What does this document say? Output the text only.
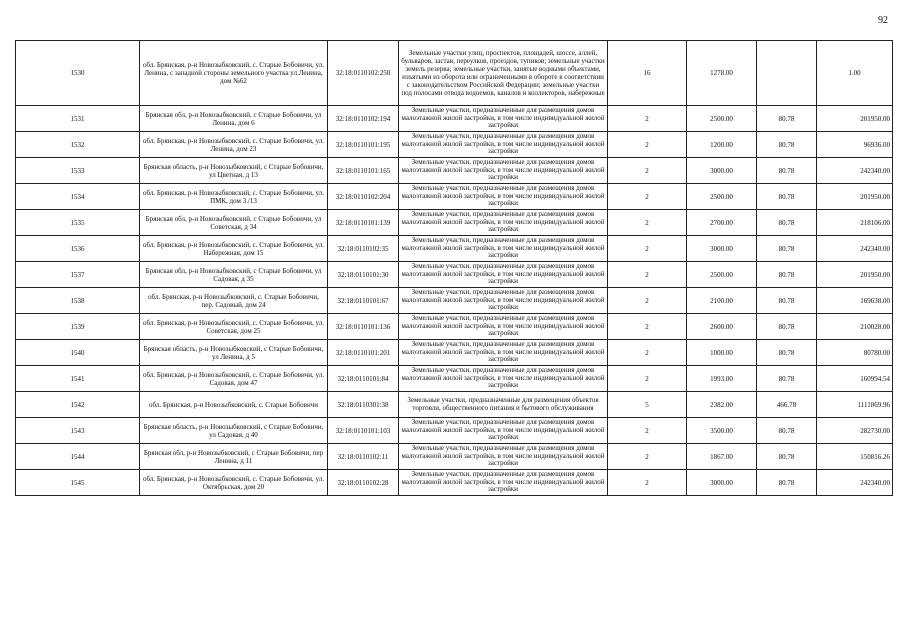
92
1530	обл. Брянская, р-н Новозыбковский, с. Старые Бобовичи, ул. Ленина, с западной стороны земельного участка ул.Ленина, дом №62	32:18:0110102:250	Земельные участки улиц, проспектов, площадей, шоссе, аллей, бульваров, застав, переулков, проездов, тупиков; земельные участки земель резерва; земельные участки, занятые водными объектами, изъятыми из оборота или ограниченными в обороте в соответствии с законодательством Российской Федерации; земельные участки под полосами отвода водоемов, каналов и коллекторов, набережные	16	1278.00		1.00
1531	Брянская обл, р-н Новозыбковский, с Старые Бобовичи, ул Ленина, дом 6	32:18:0110102:194	Земельные участки, предназначенные для размещения домов малоэтажной жилой застройки, в том числе индивидуальной жилой застройки	2	2500.00	80.78	201950.00
1532	обл. Брянская, р-н Новозыбковский, с. Старые Бобовичи, ул. Ленина, дом 23	32:18:0110101:195	Земельные участки, предназначенные для размещения домов малоэтажной жилой застройки, в том числе индивидуальной жилой застройки	2	1200.00	80.78	96936.00
1533	Брянская область, р-н Новозыбковский, с Старые Бобовичи, ул Цветная, д 13	32:18:0110101:165	Земельные участки, предназначенные для размещения домов малоэтажной жилой застройки, в том числе индивидуальной жилой застройки	2	3000.00	80.78	242340.00
1534	обл. Брянская, р-н Новозыбковский, с. Старые Бобовичи, ул. ПМК, дом 3./13	32:18:0110102:204	Земельные участки, предназначенные для размещения домов малоэтажной жилой застройки, в том числе индивидуальной жилой застройки	2	2500.00	80.78	201950.00
1535	Брянская обл, р-н Новозыбковский, с Старые Бобовичи, ул Советская, д 34	32:18:0110101:139	Земельные участки, предназначенные для размещения домов малоэтажной жилой застройки, в том числе индивидуальной жилой застройки	2	2700.00	80.78	218106.00
1536	обл. Брянская, р-н Новозыбковский, с. Старые Бобовичи, ул. Набережная, дом 15	32:18:0110102:35	Земельные участки, предназначенные для размещения домов малоэтажной жилой застройки, в том числе индивидуальной жилой застройки	2	3000.00	80.78	242340.00
1537	Брянская обл, р-н Новозыбковский, с Старые Бобовичи, ул Садовая, д 35	32:18:0110101:30	Земельные участки, предназначенные для размещения домов малоэтажной жилой застройки, в том числе индивидуальной жилой застройки	2	2500.00	80.78	201950.00
1538	обл. Брянская, р-н Новозыбковский, с. Старые Бобовичи, пер. Садовый, дом 24	32:18:0110101:67	Земельные участки, предназначенные для размещения домов малоэтажной жилой застройки, в том числе индивидуальной жилой застройки	2	2100.00	80.78	169638.00
1539	обл. Брянская, р-н Новозыбковский, с. Старые Бобовичи, ул. Советская, дом 25	32:18:0110101:136	Земельные участки, предназначенные для размещения домов малоэтажной жилой застройки, в том числе индивидуальной жилой застройки	2	2600.00	80.78	210028.00
1540	Брянская область, р-н Новозыбковский, с Старые Бобовичи, ул Ленина, д 5	32:18:0110101:201	Земельные участки, предназначенные для размещения домов малоэтажной жилой застройки, в том числе индивидуальной жилой застройки	2	1000.00	80.78	80780.00
1541	обл. Брянская, р-н Новозыбковский, с. Старые Бобовичи, ул. Садовая, дом 47	32:18:0110101:84	Земельные участки, предназначенные для размещения домов малоэтажной жилой застройки, в том числе индивидуальной жилой застройки	2	1993.00	80.78	160994.54
1542	обл. Брянская, р-н Новозыбковский, с. Старые Бобовичи	32:18:0110301:38	Земельные участки, предназначенные для размещения объектов торговли, общественного питания и бытового обслуживания	5	2382.00	466.78	1111869.96
1543	Брянская область, р-н Новозыбковский, с Старые Бобовичи, ул Садовая, д 40	32:18:0110101:103	Земельные участки, предназначенные для размещения домов малоэтажной жилой застройки, в том числе индивидуальной жилой застройки	2	3500.00	80.78	282730.00
1544	Брянская обл, р-н Новозыбковский, с Старые Бобовичи, пер Ленина, д 11	32:18:0110102:11	Земельные участки, предназначенные для размещения домов малоэтажной жилой застройки, в том числе индивидуальной жилой застройки	2	1867.00	80.78	150816.26
1545	обл. Брянская, р-н Новозыбковский, с. Старые Бобовичи, ул. Октябрьская, дом 20	32:18:0110102:28	Земельные участки, предназначенные для размещения домов малоэтажной жилой застройки, в том числе индивидуальной жилой застройки	2	3000.00	80.78	242340.00
